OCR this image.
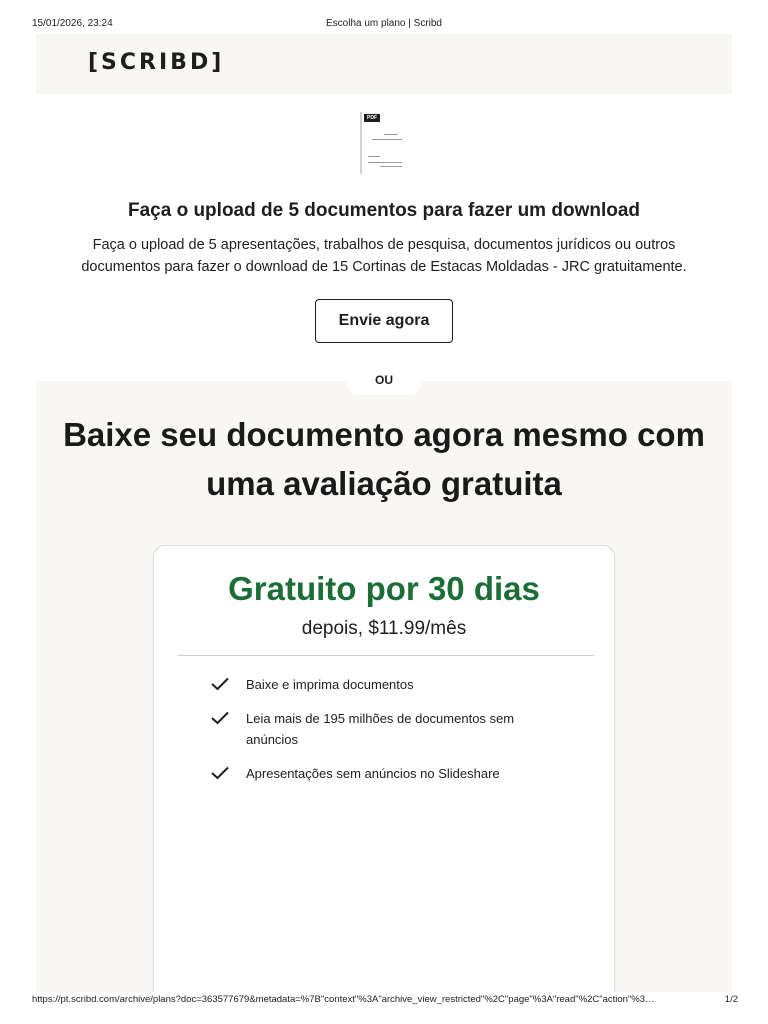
15/01/2026, 23:24	Escolha um plano | Scribd
[SCRIBD]
PDF
Faça o upload de 5 documentos para fazer um download

Faça o upload de 5 apresentações, trabalhos de pesquisa, documentos jurídicos ou outros documentos para fazer o download de 15 Cortinas de Estacas Moldadas - JRC gratuitamente.

Envie agora
OU
Baixe seu documento agora mesmo com uma avaliação gratuita
Gratuito por 30 dias
depois, $11.99/mês
Baixe e imprima documentos
Leia mais de 195 milhões de documentos sem anúncios
Apresentações sem anúncios no Slideshare
https://pt.scribd.com/archive/plans?doc=363577679&metadata=%7B"context"%3A"archive_view_restricted"%2C"page"%3A"read"%2C"action"%3…	1/2
